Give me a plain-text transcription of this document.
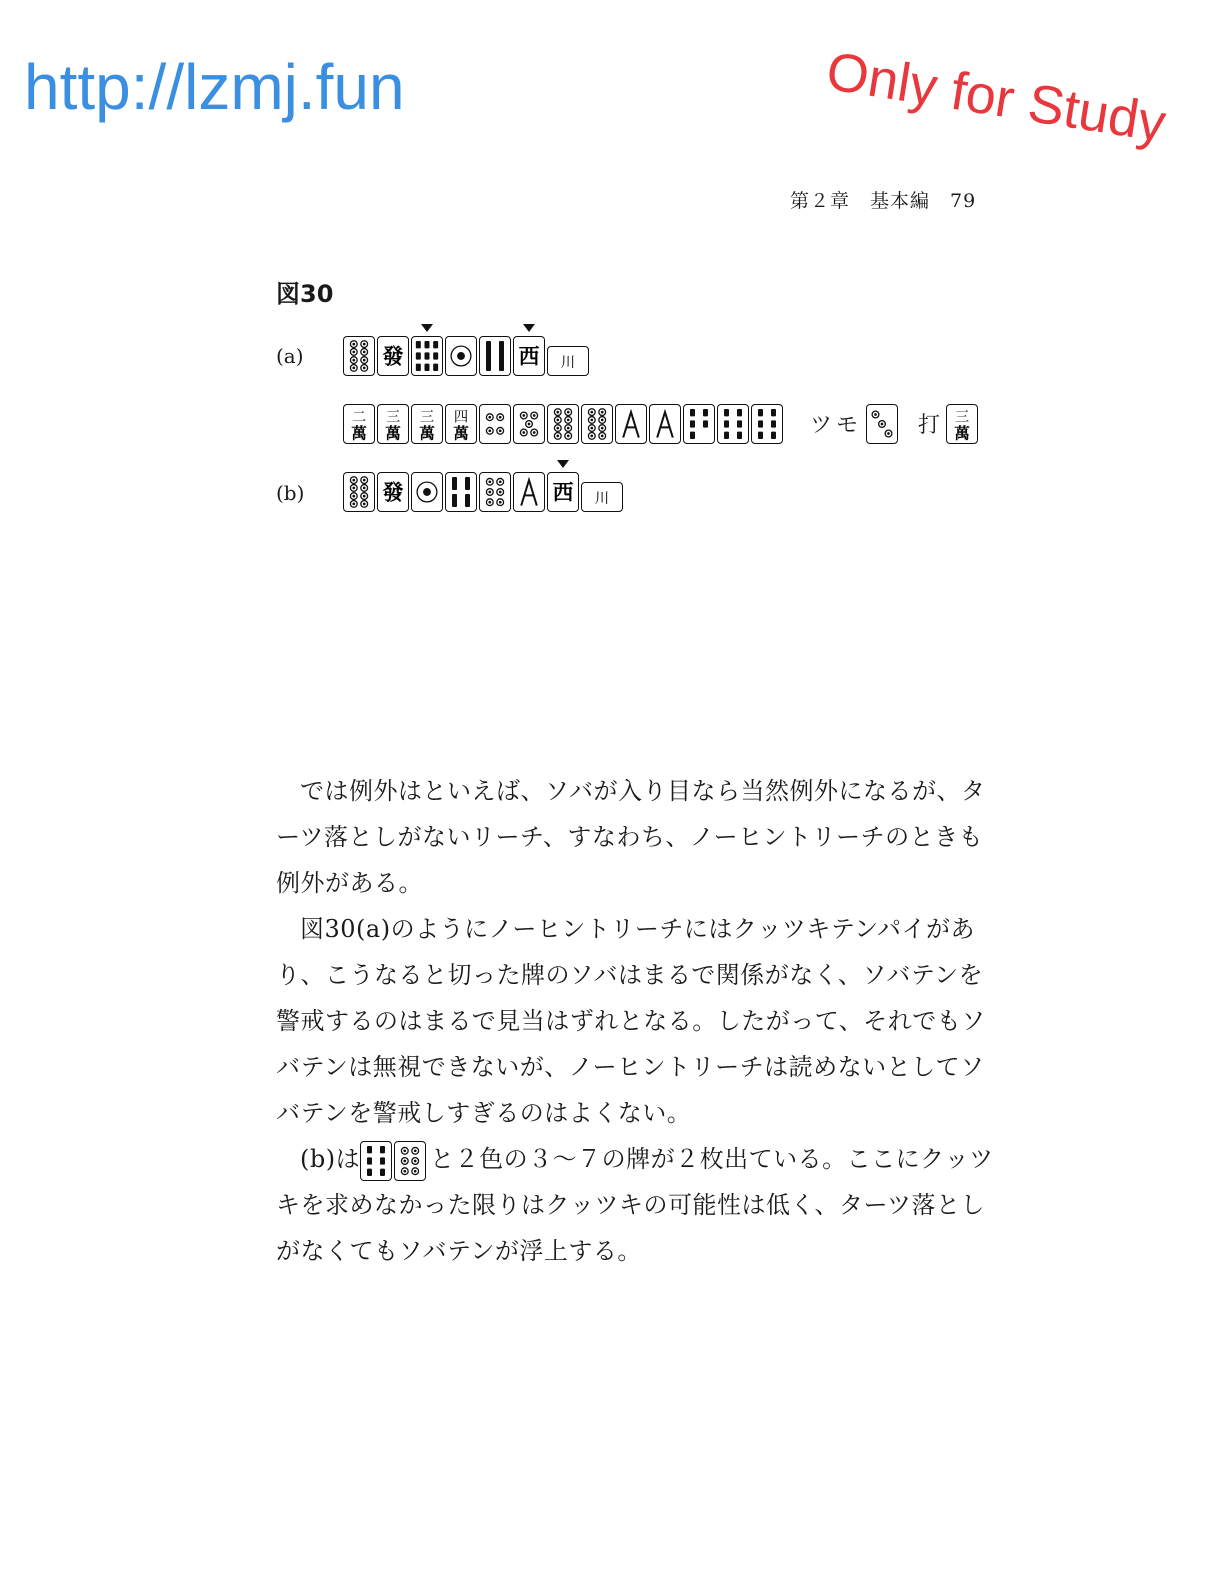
http://lzmj.fun	Only for Study
第２章　基本編　79
図30
(a)
(b)
ツモ	打

では例外はといえば、ソバが入り目なら当然例外になるが、ターツ落としがないリーチ、すなわち、ノーヒントリーチのときも例外がある。

図30(a)のようにノーヒントリーチにはクッツキテンパイがあり、こうなると切った牌のソバはまるで関係がなく、ソバテンを警戒するのはまるで見当はずれとなる。したがって、それでもソバテンは無視できないが、ノーヒントリーチは読めないとしてソバテンを警戒しすぎるのはよくない。

(b)は	と２色の３〜７の牌が２枚出ている。ここにクッツキを求めなかった限りはクッツキの可能性は低く、ターツ落としがなくてもソバテンが浮上する。

發	西 川
二
萬
三
萬
三
萬
四
萬
三
萬
發	西 川
